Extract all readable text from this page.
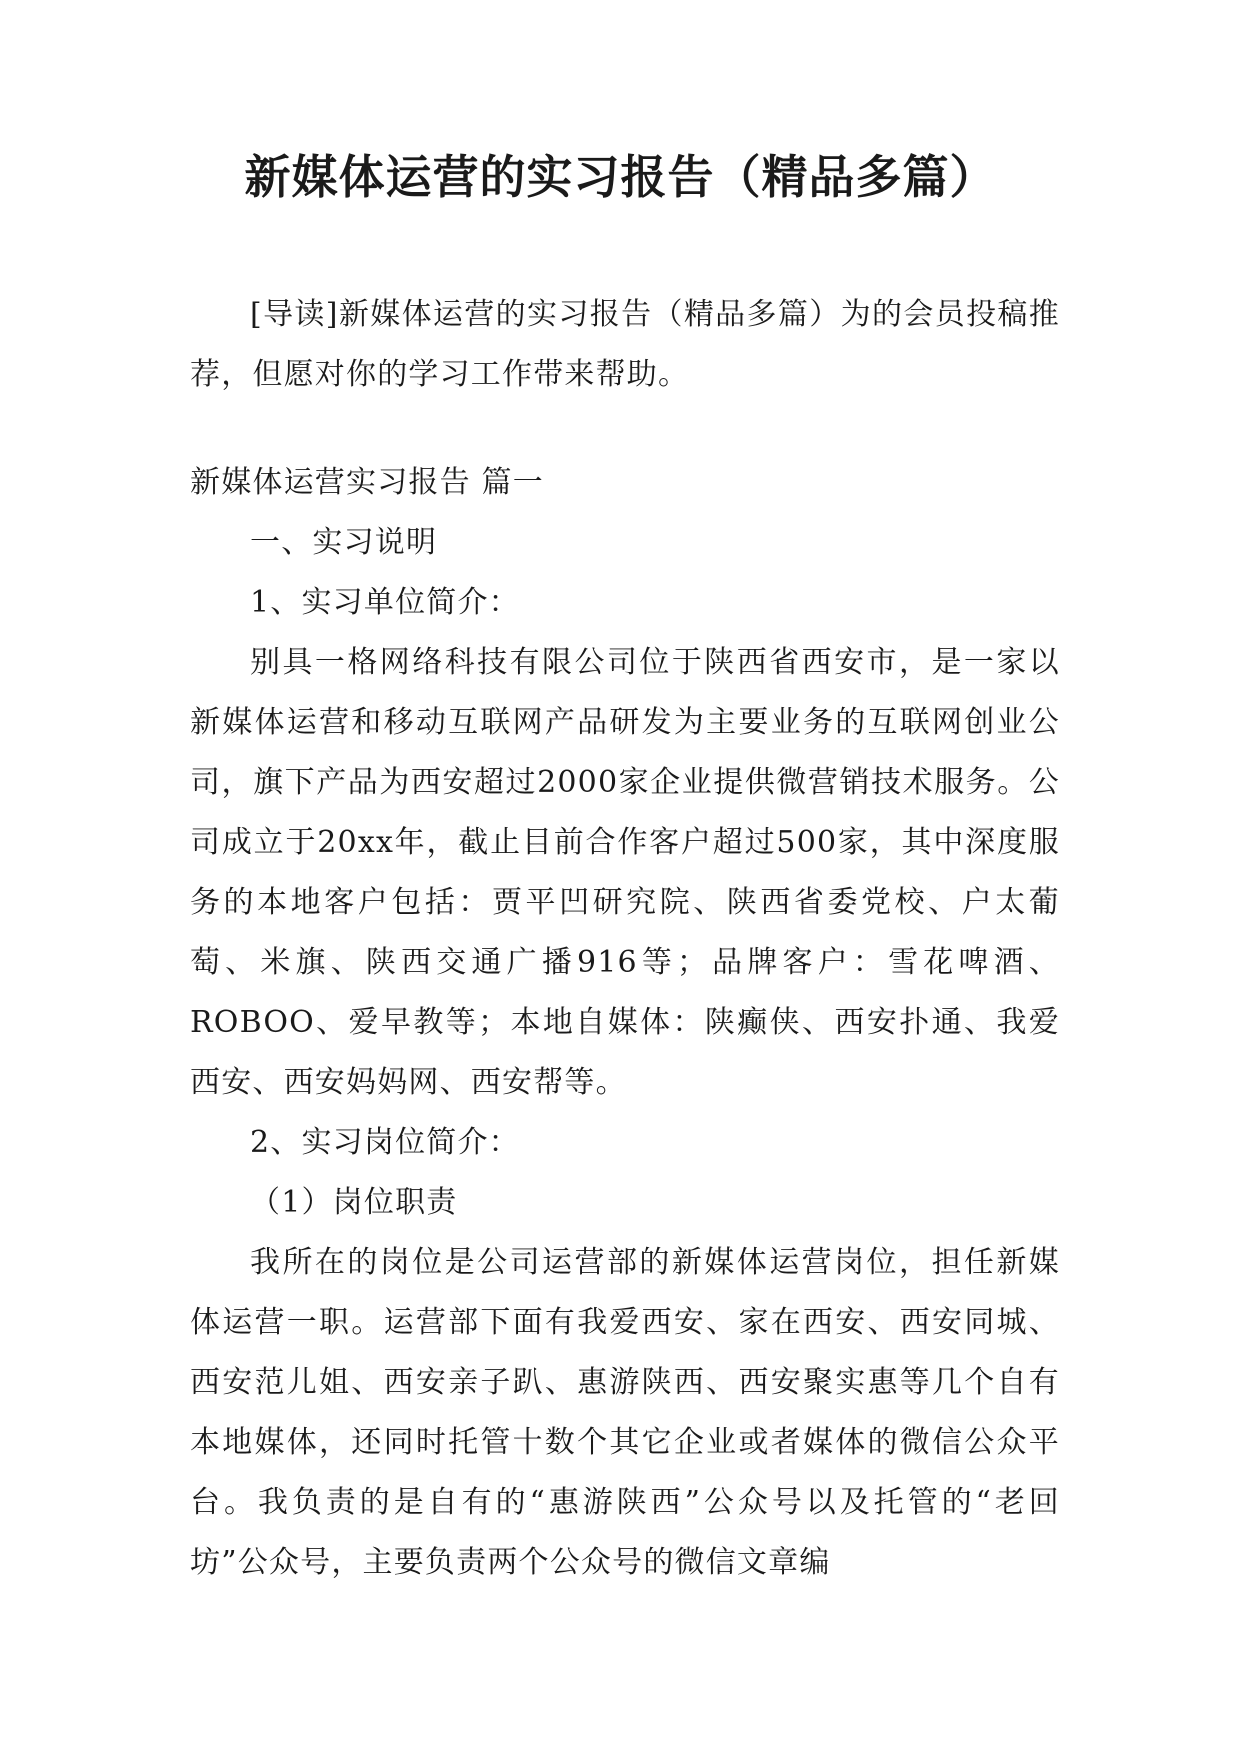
新媒体运营的实习报告（精品多篇）

[导读]新媒体运营的实习报告（精品多篇）为的会员投稿推荐，但愿对你的学习工作带来帮助。

新媒体运营实习报告 篇一

一、实习说明

1、实习单位简介：

别具一格网络科技有限公司位于陕西省西安市，是一家以新媒体运营和移动互联网产品研发为主要业务的互联网创业公司，旗下产品为西安超过2000家企业提供微营销技术服务。公司成立于20xx年，截止目前合作客户超过500家，其中深度服务的本地客户包括：贾平凹研究院、陕西省委党校、户太葡萄、米旗、陕西交通广播916等；品牌客户：雪花啤酒、ROBOO、爱早教等；本地自媒体：陕癫侠、西安扑通、我爱西安、西安妈妈网、西安帮等。

2、实习岗位简介：

（1）岗位职责

我所在的岗位是公司运营部的新媒体运营岗位，担任新媒体运营一职。运营部下面有我爱西安、家在西安、西安同城、西安范儿姐、西安亲子趴、惠游陕西、西安聚实惠等几个自有本地媒体，还同时托管十数个其它企业或者媒体的微信公众平台。我负责的是自有的“惠游陕西”公众号以及托管的“老回坊”公众号，主要负责两个公众号的微信文章编
